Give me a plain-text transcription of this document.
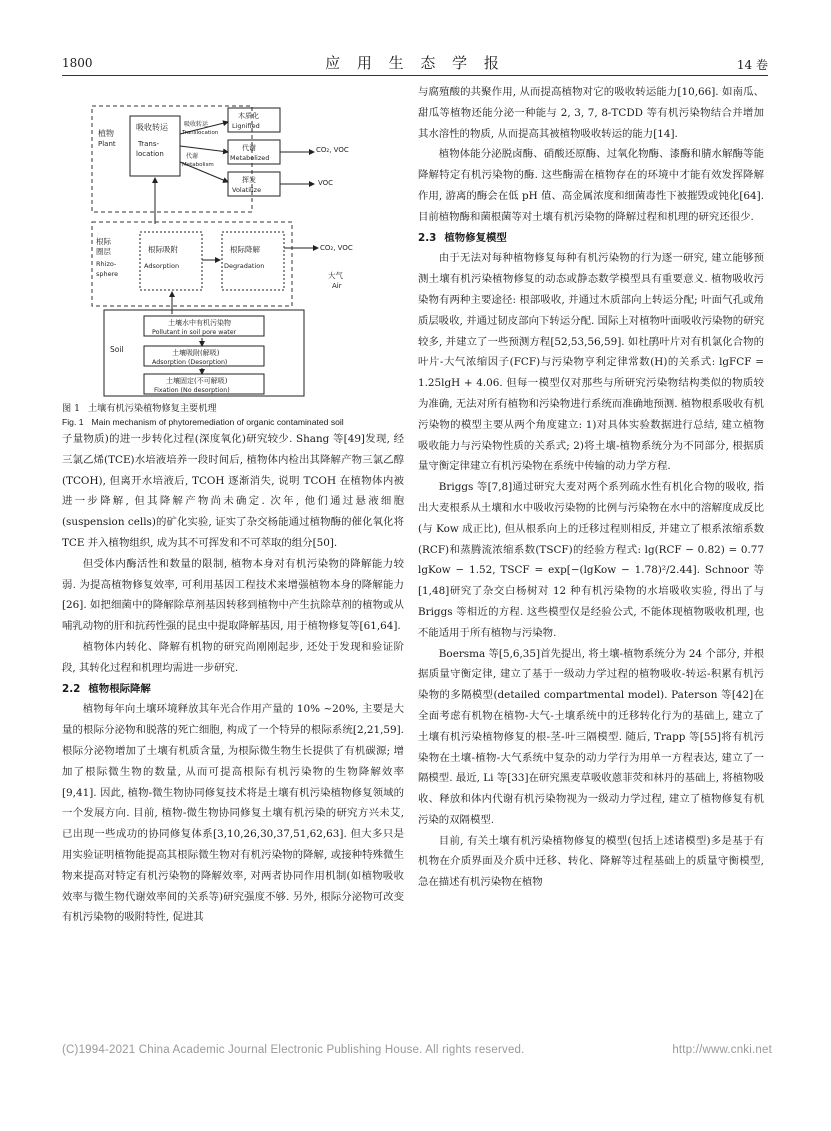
1800	应 用 生 态 学 报	14 卷
植物
Plant
吸收转运
Trans-
location
吸收转运
Translocation
代谢
Metabolism
木质化
Lignified
代谢
Metabolized
挥发
Volatilize
CO₂, VOC
VOC
根际
圈层
Rhizo-
sphere
根际吸附
Adsorption
根际降解
Degradation
CO₂, VOC
大气
Air
Soil
土壤水中有机污染物
Pollutant in soil pore water
土壤吸附(解吸)
Adsorption (Desorption)
土壤固定(不可解吸)
Fixation (No desorption)

图 1 土壤有机污染植物修复主要机理

Fig. 1 Main mechanism of phytoremediation of organic contaminated soil

子量物质)的进一步转化过程(深度氧化)研究较少. Shang 等[49]发现, 经三氯乙烯(TCE)水培液培养一段时间后, 植物体内检出其降解产物三氯乙醇(TCOH), 但离开水培液后, TCOH 逐渐消失, 说明 TCOH 在植物体内被进一步降解, 但其降解产物尚未确定. 次年, 他们通过悬液细胞(suspension cells)的矿化实验, 证实了杂交杨能通过植物酶的催化氧化将 TCE 并入植物组织, 成为其不可挥发和不可萃取的组分[50].

但受体内酶活性和数量的限制, 植物本身对有机污染物的降解能力较弱. 为提高植物修复效率, 可利用基因工程技术来增强植物本身的降解能力[26]. 如把细菌中的降解除草剂基因转移到植物中产生抗除草剂的植物或从哺乳动物的肝和抗药性强的昆虫中提取降解基因, 用于植物修复等[61,64].

植物体内转化、降解有机物的研究尚刚刚起步, 还处于发现和验证阶段, 其转化过程和机理均需进一步研究.

2.2 植物根际降解

植物每年向土壤环境释放其年光合作用产量的 10% ~20%, 主要是大量的根际分泌物和脱落的死亡细胞, 构成了一个特异的根际系统[2,21,59]. 根际分泌物增加了土壤有机质含量, 为根际微生物生长提供了有机碳源; 增加了根际微生物的数量, 从而可提高根际有机污染物的生物降解效率[9,41]. 因此, 植物-微生物协同修复技术将是土壤有机污染植物修复领域的一个发展方向. 目前, 植物-微生物协同修复土壤有机污染的研究方兴未艾, 已出现一些成功的协同修复体系[3,10,26,30,37,51,62,63]. 但大多只是用实验证明植物能提高其根际微生物对有机污染物的降解, 或接种特殊微生物来提高对特定有机污染物的降解效率, 对两者协同作用机制(如植物吸收效率与微生物代谢效率间的关系等)研究强度不够. 另外, 根际分泌物可改变有机污染物的吸附特性, 促进其

与腐殖酸的共聚作用, 从而提高植物对它的吸收转运能力[10,66]. 如南瓜、甜瓜等植物还能分泌一种能与 2, 3, 7, 8-TCDD 等有机污染物结合并增加其水溶性的物质, 从而提高其被植物吸收转运的能力[14].

植物体能分泌脱卤酶、硝酸还原酶、过氧化物酶、漆酶和腈水解酶等能降解特定有机污染物的酶. 这些酶需在植物存在的环境中才能有效发挥降解作用, 游离的酶会在低 pH 值、高金属浓度和细菌毒性下被摧毁或钝化[64]. 目前植物酶和菌根菌等对土壤有机污染物的降解过程和机理的研究还很少.

2.3 植物修复模型

由于无法对每种植物修复每种有机污染物的行为逐一研究, 建立能够预测土壤有机污染植物修复的动态或静态数学模型具有重要意义. 植物吸收污染物有两种主要途径: 根部吸收, 并通过木质部向上转运分配; 叶面气孔或角质层吸收, 并通过韧皮部向下转运分配. 国际上对植物叶面吸收污染物的研究较多, 并建立了一些预测方程[52,53,56,59]. 如杜鹃叶片对有机氯化合物的叶片-大气浓缩因子(FCF)与污染物亨利定律常数(H)的关系式: lgFCF = 1.25lgH + 4.06. 但每一模型仅对那些与所研究污染物结构类似的物质较为准确, 无法对所有植物和污染物进行系统而准确地预测. 植物根系吸收有机污染物的模型主要从两个角度建立: 1)对具体实验数据进行总结, 建立植物吸收能力与污染物性质的关系式; 2)将土壤-植物系统分为不同部分, 根据质量守衡定律建立有机污染物在系统中传输的动力学方程.

Briggs 等[7,8]通过研究大麦对两个系列疏水性有机化合物的吸收, 指出大麦根系从土壤和水中吸收污染物的比例与污染物在水中的溶解度成反比(与 Kow 成正比), 但从根系向上的迁移过程则相反, 并建立了根系浓缩系数(RCF)和蒸腾流浓缩系数(TSCF)的经验方程式: lg(RCF − 0.82) = 0.77 lgKow − 1.52, TSCF = exp[−(lgKow − 1.78)²/2.44]. Schnoor 等[1,48]研究了杂交白杨树对 12 种有机污染物的水培吸收实验, 得出了与 Briggs 等相近的方程. 这些模型仅是经验公式, 不能体现植物吸收机理, 也不能适用于所有植物与污染物.

Boersma 等[5,6,35]首先提出, 将土壤-植物系统分为 24 个部分, 并根据质量守衡定律, 建立了基于一级动力学过程的植物吸收-转运-积累有机污染物的多隔模型(detailed compartmental model). Paterson 等[42]在全面考虑有机物在植物-大气-土壤系统中的迁移转化行为的基础上, 建立了土壤有机污染植物修复的根-茎-叶三隔模型. 随后, Trapp 等[55]将有机污染物在土壤-植物-大气系统中复杂的动力学行为用单一方程表达, 建立了一隔模型. 最近, Li 等[33]在研究黑麦草吸收蒽菲荧和林丹的基础上, 将植物吸收、释放和体内代谢有机污染物视为一级动力学过程, 建立了植物修复有机污染的双隔模型.

目前, 有关土壤有机污染植物修复的模型(包括上述诸模型)多是基于有机物在介质界面及介质中迁移、转化、降解等过程基础上的质量守衡模型, 急在描述有机污染物在植物

(C)1994-2021 China Academic Journal Electronic Publishing House. All rights reserved.	http://www.cnki.net
